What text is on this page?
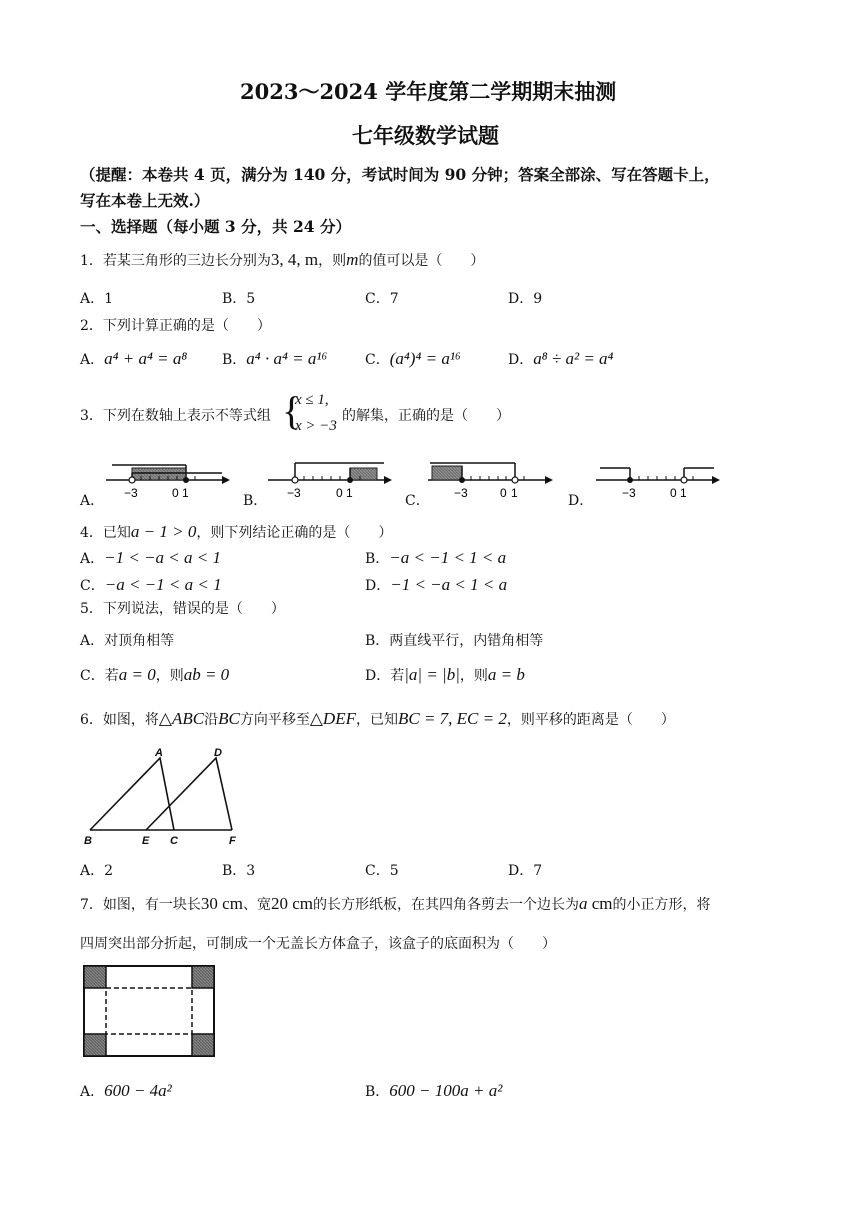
2023～2024 学年度第二学期期末抽测
七年级数学试题
（提醒：本卷共 4 页，满分为 140 分，考试时间为 90 分钟；答案全部涂、写在答题卡上，
写在本卷上无效.）
一、选择题（每小题 3 分，共 24 分）
1．若某三角形的三边长分别为3, 4, m，则m的值可以是（　　）
A．1	B．5	C．7	D．9
2．下列计算正确的是（　　）
A．a⁴ + a⁴ = a⁸ B．a⁴ · a⁴ = a¹⁶	C．(a⁴)⁴ = a¹⁶	D．a⁸ ÷ a² = a⁴
3．下列在数轴上表示不等式组 {
x ≤ 1,
x > −3
的解集，正确的是（　　）
−3	0 1	−3	0 1	−3	0 1	−3	0 1
A．	B．	C．	D．
4．已知a − 1 > 0，则下列结论正确的是（　　）
A．−1 < −a < a < 1	B．−a < −1 < 1 < a
C．−a < −1 < a < 1	D．−1 < −a < 1 < a
5．下列说法，错误的是（　　）
A．对顶角相等	B．两直线平行，内错角相等
C．若a = 0，则ab = 0	D．若|a| = |b|，则a = b
6．如图，将△ABC沿BC方向平移至△DEF，已知BC = 7, EC = 2，则平移的距离是（　　）
A	D
B	E C	F
A．2	B．3	C．5	D．7
7．如图，有一块长30 cm、宽20 cm的长方形纸板，在其四角各剪去一个边长为a cm的小正方形，将
四周突出部分折起，可制成一个无盖长方体盒子，该盒子的底面积为（　　）
A．600 − 4a²	B．600 − 100a + a²
